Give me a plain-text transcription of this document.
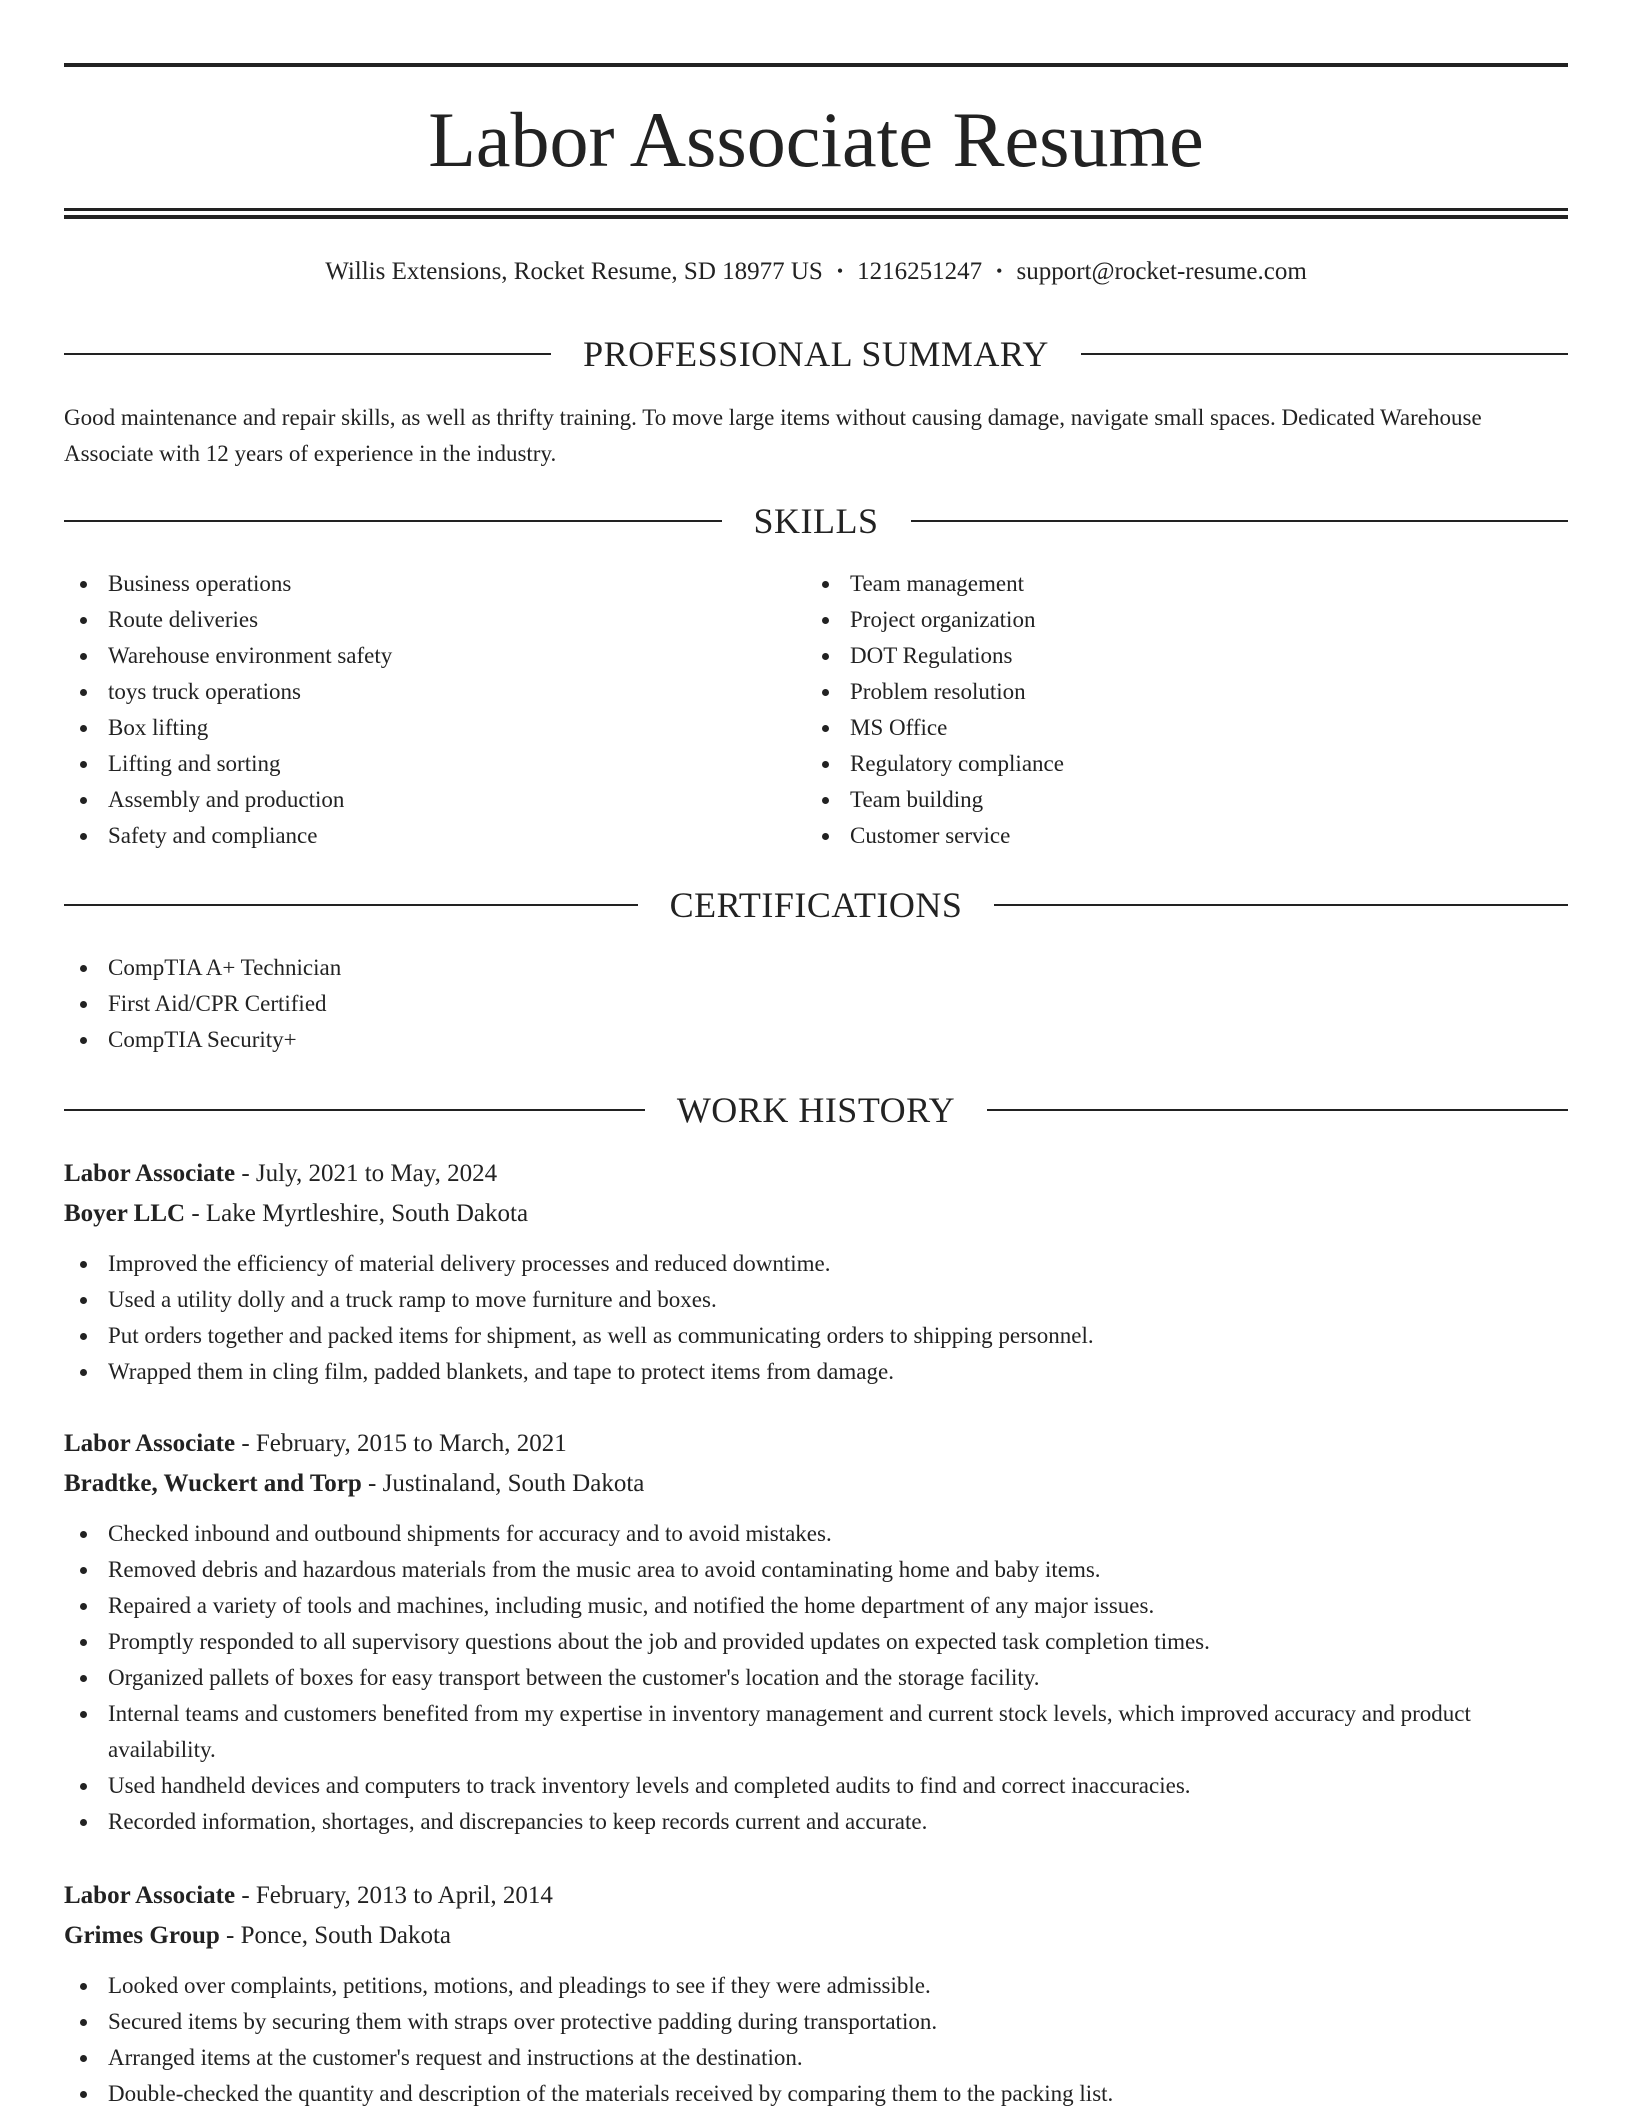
Labor Associate Resume
Willis Extensions, Rocket Resume, SD 18977 US • 1216251247 • support@rocket-resume.com
PROFESSIONAL SUMMARY

Good maintenance and repair skills, as well as thrifty training. To move large items without causing damage, navigate small spaces. Dedicated Warehouse Associate with 12 years of experience in the industry.

SKILLS
Business operations
Route deliveries
Warehouse environment safety
toys truck operations
Box lifting
Lifting and sorting
Assembly and production
Safety and compliance
Team management
Project organization
DOT Regulations
Problem resolution
MS Office
Regulatory compliance
Team building
Customer service
CERTIFICATIONS
CompTIA A+ Technician
First Aid/CPR Certified
CompTIA Security+
WORK HISTORY
Labor Associate - July, 2021 to May, 2024
Boyer LLC - Lake Myrtleshire, South Dakota
Improved the efficiency of material delivery processes and reduced downtime.
Used a utility dolly and a truck ramp to move furniture and boxes.
Put orders together and packed items for shipment, as well as communicating orders to shipping personnel.
Wrapped them in cling film, padded blankets, and tape to protect items from damage.
Labor Associate - February, 2015 to March, 2021
Bradtke, Wuckert and Torp - Justinaland, South Dakota
Checked inbound and outbound shipments for accuracy and to avoid mistakes.
Removed debris and hazardous materials from the music area to avoid contaminating home and baby items.
Repaired a variety of tools and machines, including music, and notified the home department of any major issues.
Promptly responded to all supervisory questions about the job and provided updates on expected task completion times.
Organized pallets of boxes for easy transport between the customer's location and the storage facility.
Internal teams and customers benefited from my expertise in inventory management and current stock levels, which improved accuracy and product availability.
Used handheld devices and computers to track inventory levels and completed audits to find and correct inaccuracies.
Recorded information, shortages, and discrepancies to keep records current and accurate.
Labor Associate - February, 2013 to April, 2014
Grimes Group - Ponce, South Dakota
Looked over complaints, petitions, motions, and pleadings to see if they were admissible.
Secured items by securing them with straps over protective padding during transportation.
Arranged items at the customer's request and instructions at the destination.
Double-checked the quantity and description of the materials received by comparing them to the packing list.
